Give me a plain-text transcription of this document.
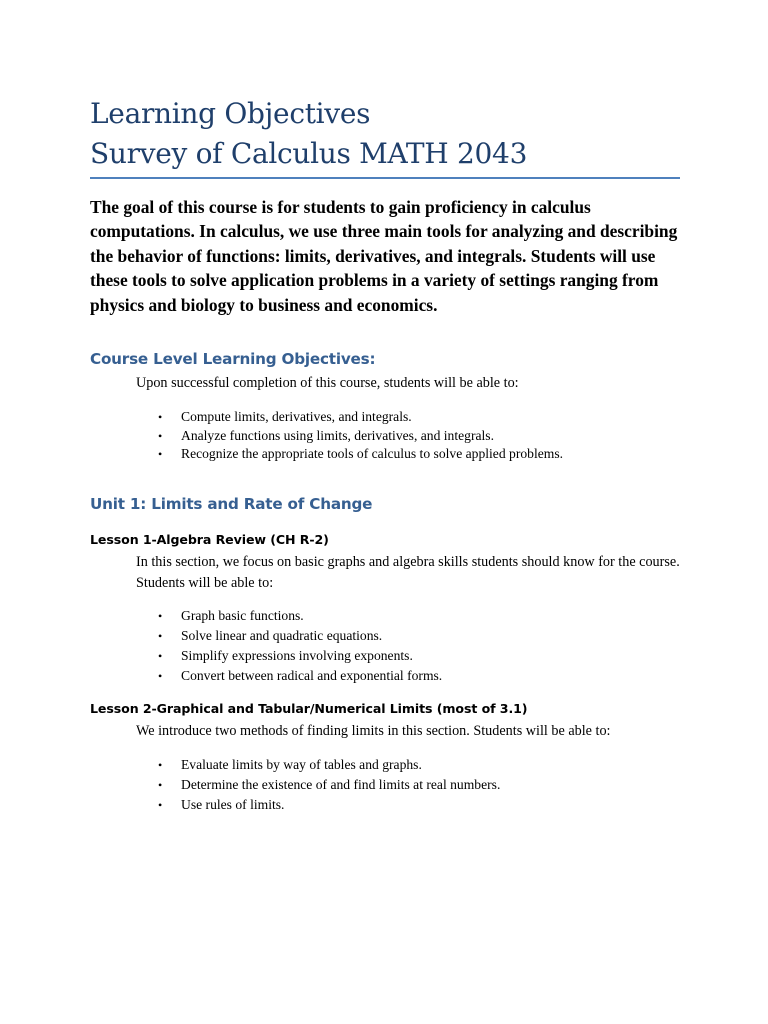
Learning Objectives
Survey of Calculus MATH 2043

The goal of this course is for students to gain proficiency in calculus computations. In calculus, we use three main tools for analyzing and describing the behavior of functions: limits, derivatives, and integrals. Students will use these tools to solve application problems in a variety of settings ranging from physics and biology to business and economics.

Course Level Learning Objectives:

Upon successful completion of this course, students will be able to:

• Compute limits, derivatives, and integrals.
• Analyze functions using limits, derivatives, and integrals.
• Recognize the appropriate tools of calculus to solve applied problems.
Unit 1: Limits and Rate of Change
Lesson 1-Algebra Review (CH R-2)

In this section, we focus on basic graphs and algebra skills students should know for the course. Students will be able to:

• Graph basic functions.
• Solve linear and quadratic equations.
• Simplify expressions involving exponents.
• Convert between radical and exponential forms.
Lesson 2-Graphical and Tabular/Numerical Limits (most of 3.1)

We introduce two methods of finding limits in this section. Students will be able to:

• Evaluate limits by way of tables and graphs.
• Determine the existence of and find limits at real numbers.
• Use rules of limits.
